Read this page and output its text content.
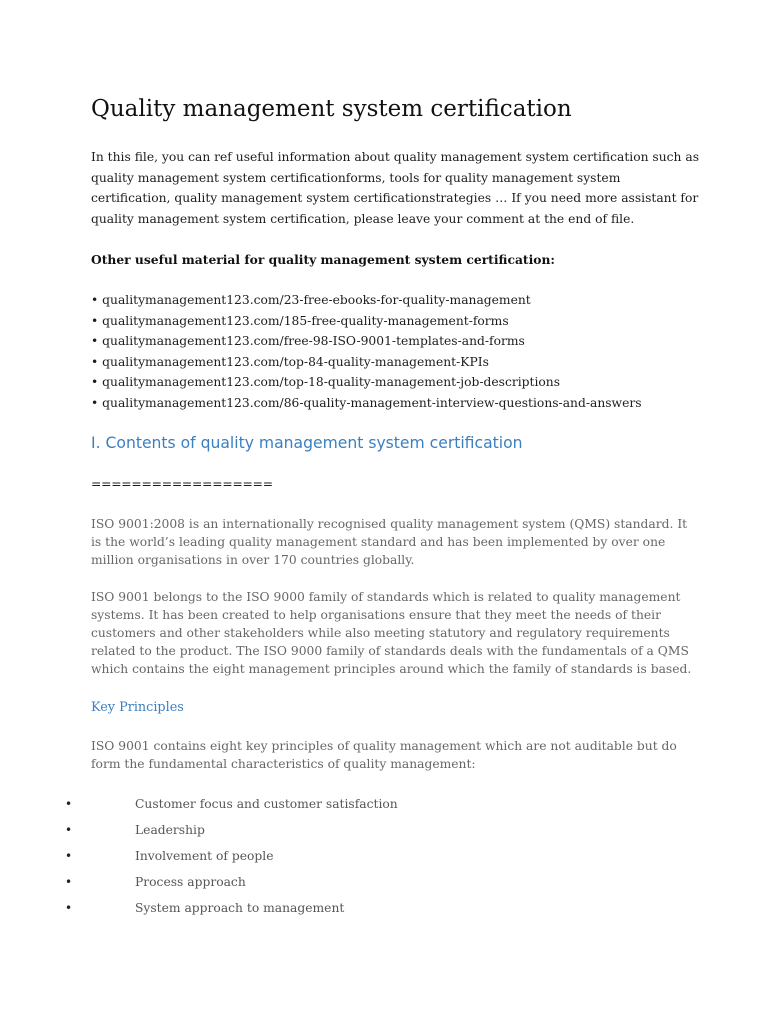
Quality management system certification

In this file, you can ref useful information about quality management system certification such as
quality management system certificationforms, tools for quality management system
certification, quality management system certificationstrategies … If you need more assistant for
quality management system certification, please leave your comment at the end of file.

Other useful material for quality management system certification:

• qualitymanagement123.com/23-free-ebooks-for-quality-management
• qualitymanagement123.com/185-free-quality-management-forms
• qualitymanagement123.com/free-98-ISO-9001-templates-and-forms
• qualitymanagement123.com/top-84-quality-management-KPIs
• qualitymanagement123.com/top-18-quality-management-job-descriptions
• qualitymanagement123.com/86-quality-management-interview-questions-and-answers
I. Contents of quality management system certification

==================

ISO 9001:2008 is an internationally recognised quality management system (QMS) standard. It
is the world’s leading quality management standard and has been implemented by over one
million organisations in over 170 countries globally.

ISO 9001 belongs to the ISO 9000 family of standards which is related to quality management
systems. It has been created to help organisations ensure that they meet the needs of their
customers and other stakeholders while also meeting statutory and regulatory requirements
related to the product. The ISO 9000 family of standards deals with the fundamentals of a QMS
which contains the eight management principles around which the family of standards is based.

Key Principles

ISO 9001 contains eight key principles of quality management which are not auditable but do
form the fundamental characteristics of quality management:

•	Customer focus and customer satisfaction
•	Leadership
•	Involvement of people
•	Process approach
•	System approach to management
